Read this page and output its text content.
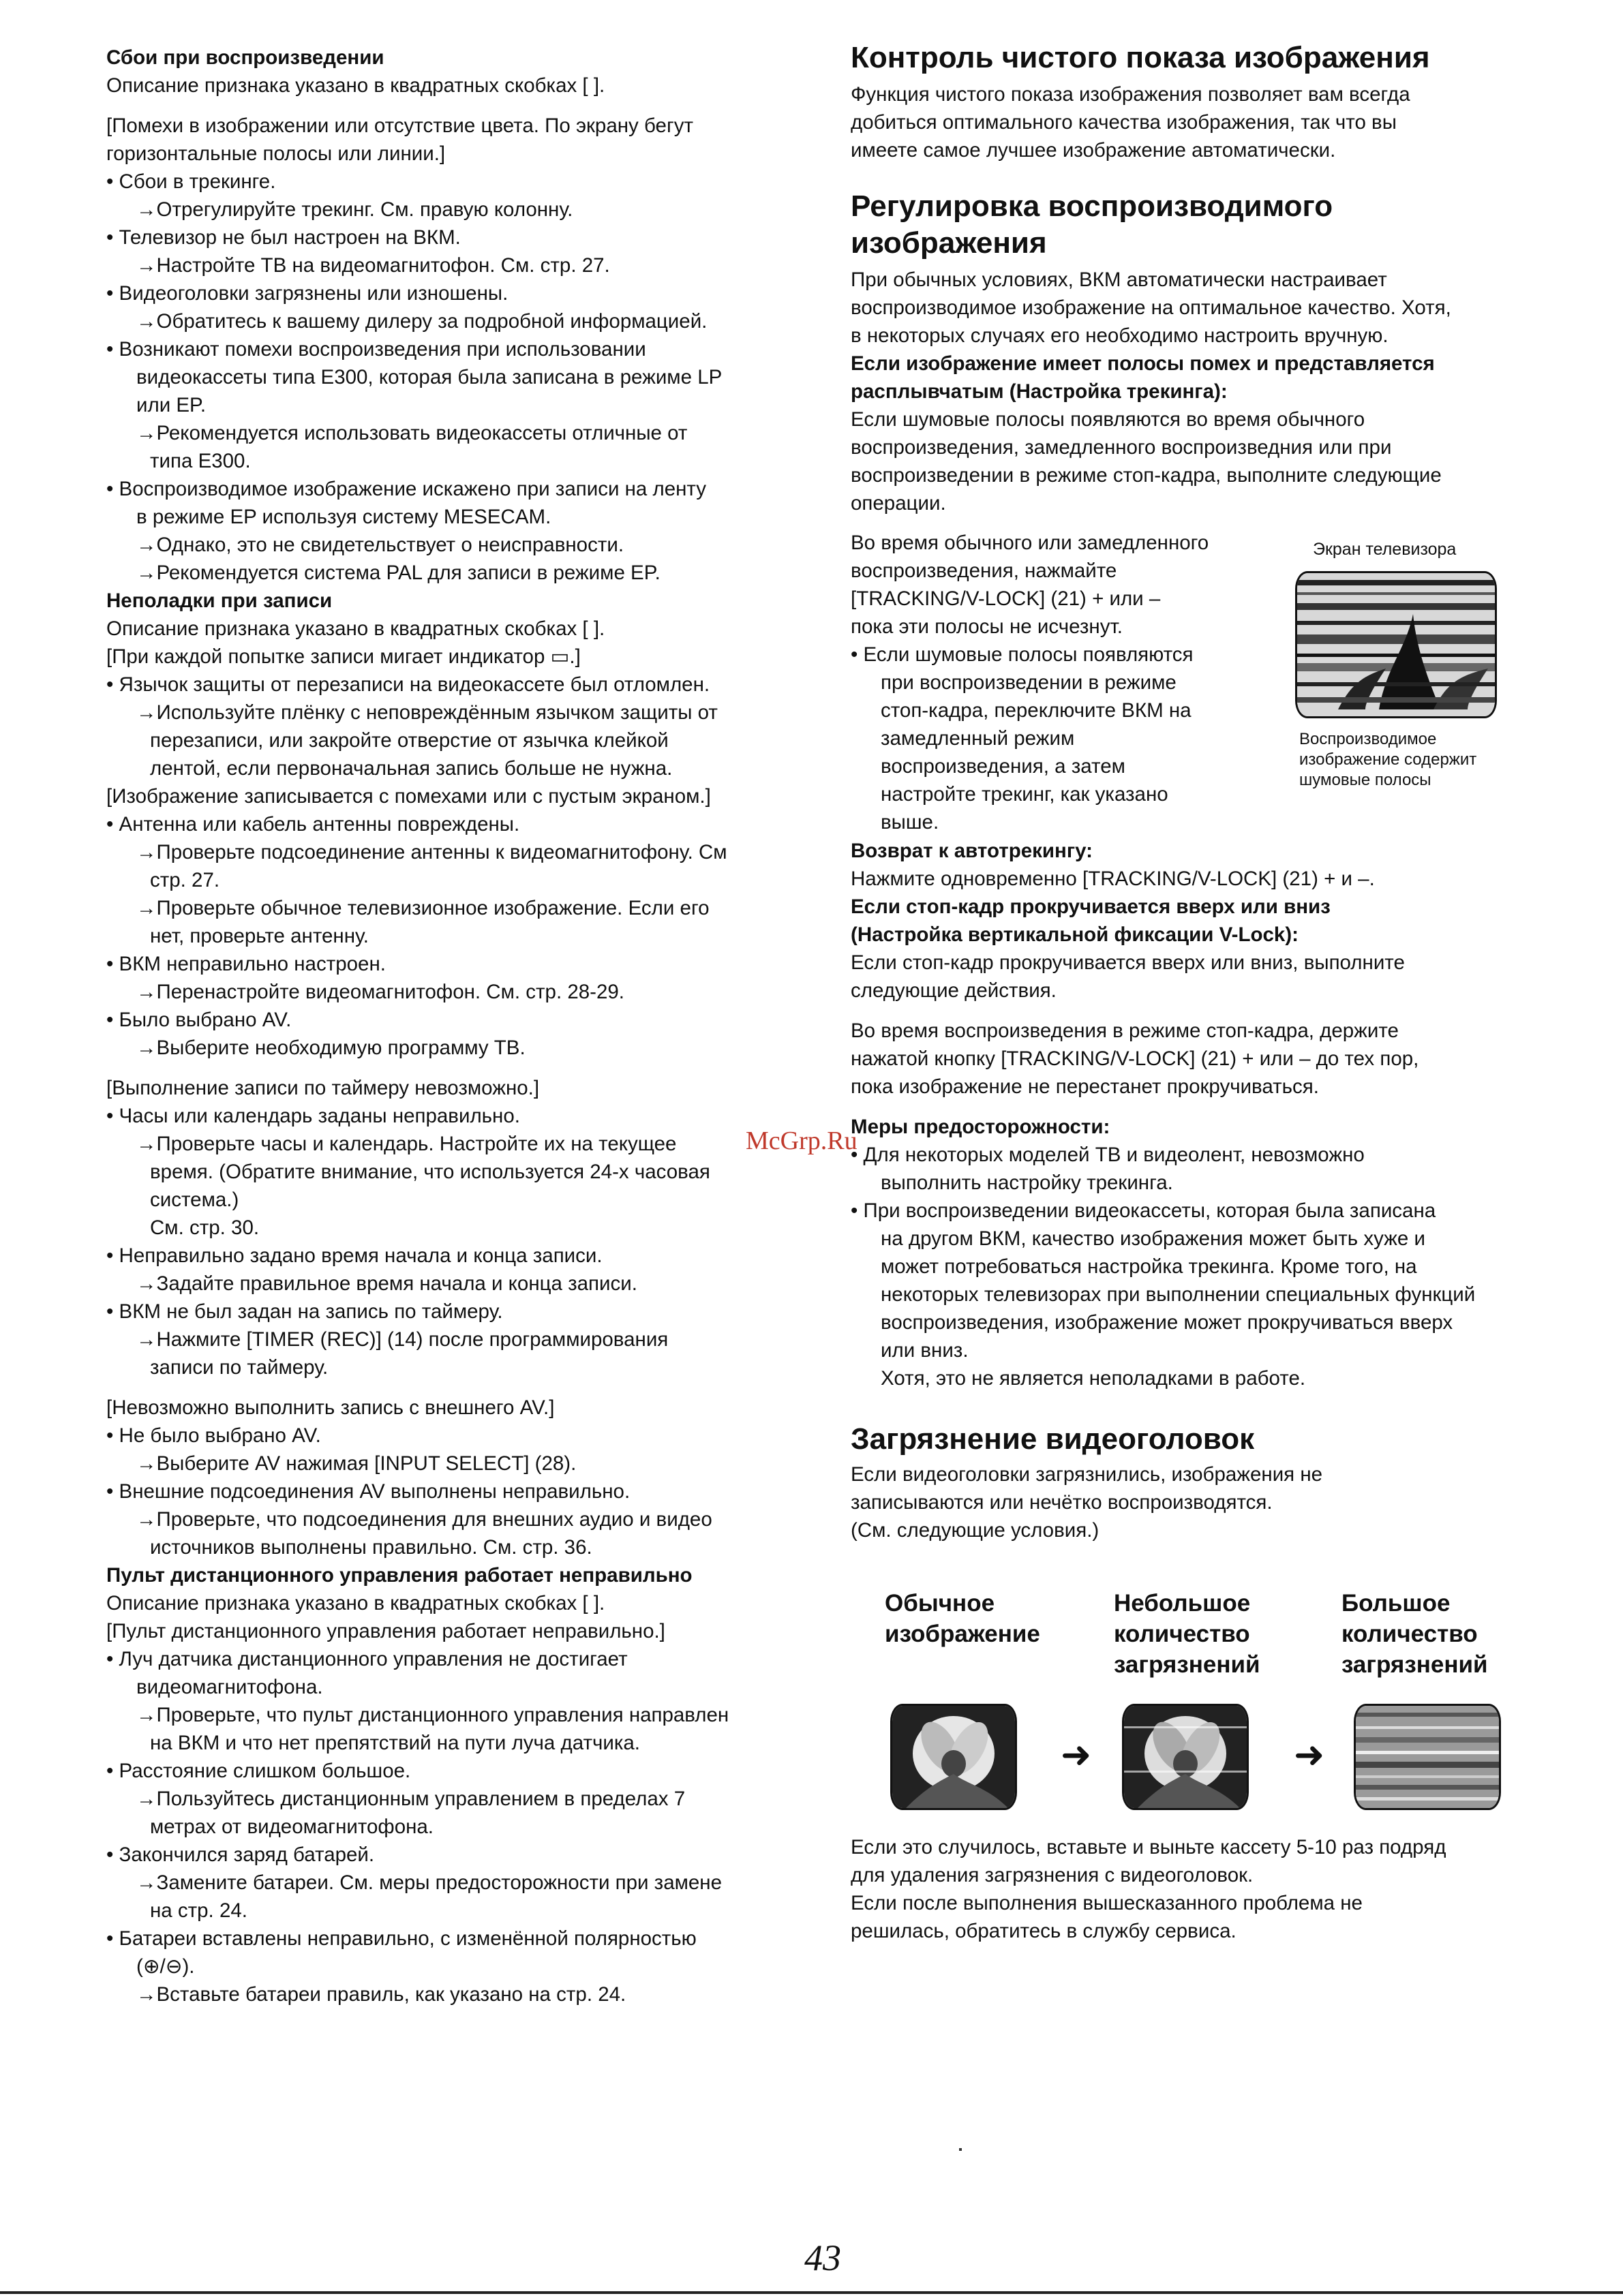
Сбои при воспроизведении
Описание признака указано в квадратных скобках [ ].
[Помехи в изображении или отсутствие цвета. По экрану бегут
горизонтальные полосы или линии.]
• Сбои в трекинге.
→Отрегулируйте трекинг. См. правую колонну.
• Телевизор не был настроен на ВКМ.
→Настройте ТВ на видеомагнитофон. См. стр. 27.
• Видеоголовки загрязнены или изношены.
→Обратитесь к вашему дилеру за подробной информацией.
• Возникают помехи воспроизведения при использовании
видеокассеты типа E300, которая была записана в режиме LP
или EP.
→Рекомендуется использовать видеокассеты отличные от
типа E300.
• Воспроизводимое изображение искажено при записи на ленту
в режиме EP используя систему MESECAM.
→Однако, это не свидетельствует о неисправности.
→Рекомендуется система PAL для записи в режиме EP.
Неполадки при записи
Описание признака указано в квадратных скобках [ ].
[При каждой попытке записи мигает индикатор ▭.]
• Язычок защиты от перезаписи на видеокассете был отломлен.
→Используйте плёнку с неповреждённым язычком защиты от
перезаписи, или закройте отверстие от язычка клейкой
лентой, если первоначальная запись больше не нужна.
[Изображение записывается с помехами или с пустым экраном.]
• Антенна или кабель антенны повреждены.
→Проверьте подсоединение антенны к видеомагнитофону. См
стр. 27.
→Проверьте обычное телевизионное изображение. Если его
нет, проверьте антенну.
• ВКМ неправильно настроен.
→Перенастройте видеомагнитофон. См. стр. 28-29.
• Было выбрано AV.
→Выберите необходимую программу ТВ.
[Выполнение записи по таймеру невозможно.]
• Часы или календарь заданы неправильно.
→Проверьте часы и календарь. Настройте их на текущее
время. (Обратите внимание, что используется 24-х часовая
система.)
См. стр. 30.
• Неправильно задано время начала и конца записи.
→Задайте правильное время начала и конца записи.
• ВКМ не был задан на запись по таймеру.
→Нажмите [TIMER (REC)] (14) после программирования
записи по таймеру.
[Невозможно выполнить запись с внешнего AV.]
• Не было выбрано AV.
→Выберите AV нажимая [INPUT SELECT] (28).
• Внешние подсоединения AV выполнены неправильно.
→Проверьте, что подсоединения для внешних аудио и видео
источников выполнены правильно. См. стр. 36.
Пульт дистанционного управления работает неправильно
Описание признака указано в квадратных скобках [ ].
[Пульт дистанционного управления работает неправильно.]
• Луч датчика дистанционного управления не достигает
видеомагнитофона.
→Проверьте, что пульт дистанционного управления направлен
на ВКМ и что нет препятствий на пути луча датчика.
• Расстояние слишком большое.
→Пользуйтесь дистанционным управлением в пределах 7
метрах от видеомагнитофона.
• Закончился заряд батарей.
→Замените батареи. См. меры предосторожности при замене
на стр. 24.
• Батареи вставлены неправильно, с изменённой полярностью
(⊕/⊖).
→Вставьте батареи правиль, как указано на стр. 24.
Контроль чистого показа изображения
Функция чистого показа изображения позволяет вам всегда
добиться оптимального качества изображения, так что вы
имеете самое лучшее изображение автоматически.
Регулировка воспроизводимого
изображения
При обычных условиях, ВКМ автоматически настраивает
воспроизводимое изображение на оптимальное качество. Хотя,
в некоторых случаях его необходимо настроить вручную.
Если изображение имеет полосы помех и представляется
расплывчатым (Настройка трекинга):
Если шумовые полосы появляются во время обычного
воспроизведения, замедленного воспроизведния или при
воспроизведении в режиме стоп-кадра, выполните следующие
операции.
Во время обычного или замедленного
воспроизведения, нажмайте
[TRACKING/V-LOCK] (21) + или –
пока эти полосы не исчезнут.
• Если шумовые полосы появляются
при воспроизведении в режиме
стоп-кадра, переключите ВКМ на
замедленный режим
воспроизведения, а затем
настройте трекинг, как указано
выше.
Экран телевизора
Воспроизводимое
изображение содержит
шумовые полосы
Возврат к автотрекингу:
Нажмите одновременно [TRACKING/V-LOCK] (21) + и –.
Если стоп-кадр прокручивается вверх или вниз
(Настройка вертикальной фиксации V-Lock):
Если стоп-кадр прокручивается вверх или вниз, выполните
следующие действия.
Во время воспроизведения в режиме стоп-кадра, держите
нажатой кнопку [TRACKING/V-LOCK] (21) + или – до тех пор,
пока изображение не перестанет прокручиваться.
Меры предосторожности:
• Для некоторых моделей ТВ и видеолент, невозможно
выполнить настройку трекинга.
• При воспроизведении видеокассеты, которая была записана
на другом ВКМ, качество изображения может быть хуже и
может потребоваться настройка трекинга. Кроме того, на
некоторых телевизорах при выполнении специальных функций
воспроизведения, изображение может прокручиваться вверх
или вниз.
Хотя, это не является неполадками в работе.
Загрязнение видеоголовок
Если видеоголовки загрязнились, изображения не
записываются или нечётко воспроизводятся.
(См. следующие условия.)
Обычное
изображение
Небольшое
количество
загрязнений
Большое
количество
загрязнений
➜	➜
Если это случилось, вставьте и выньте кассету 5-10 раз подряд
для удаления загрязнения с видеоголовок.
Если после выполнения вышесказанного проблема не
решилась, обратитесь в службу сервиса.
McGrp.Ru
43
